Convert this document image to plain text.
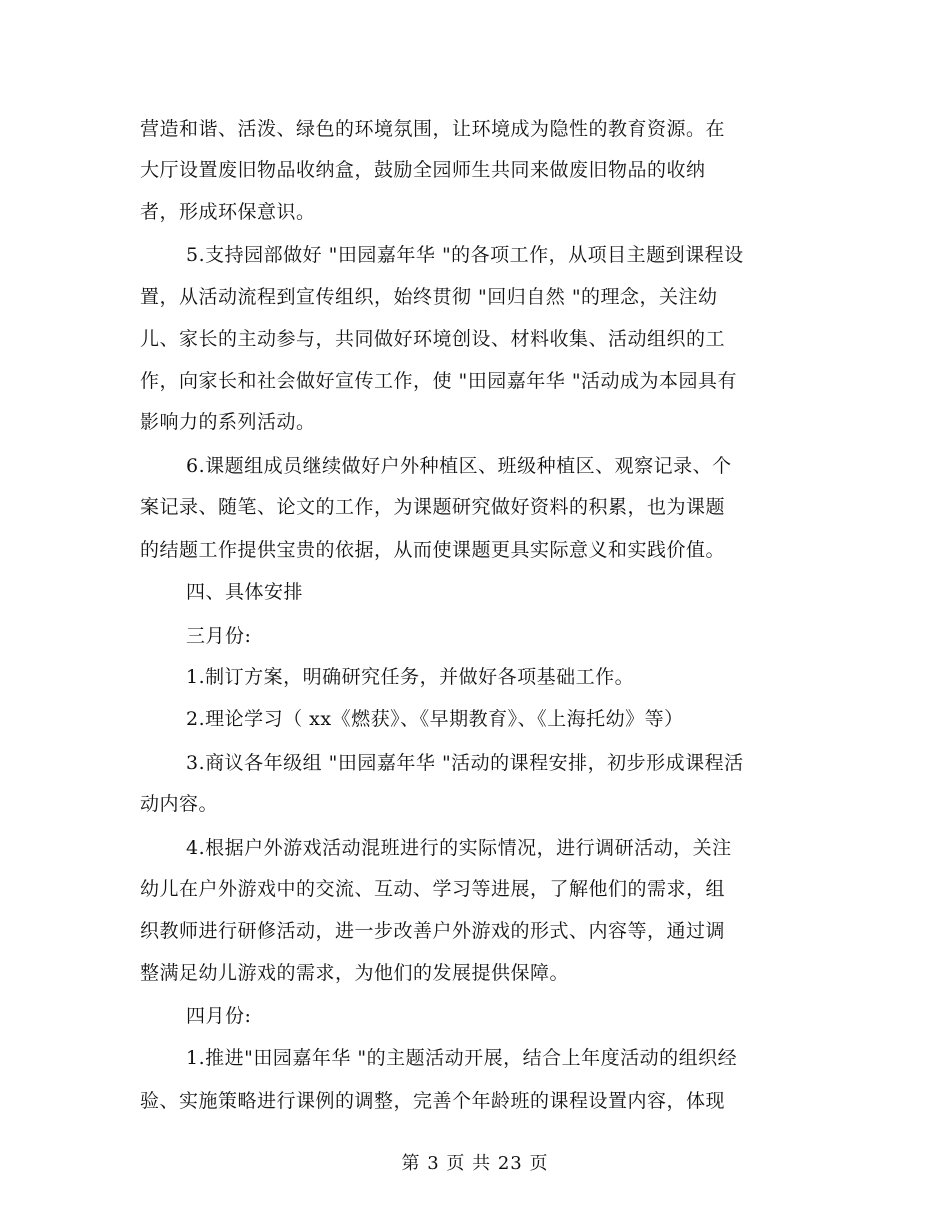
营造和谐、活泼、绿色的环境氛围，让环境成为隐性的教育资源。在
大厅设置废旧物品收纳盒，鼓励全园师生共同来做废旧物品的收纳
者，形成环保意识。
5.支持园部做好 "田园嘉年华 "的各项工作，从项目主题到课程设
置，从活动流程到宣传组织，始终贯彻 "回归自然 "的理念，关注幼
儿、家长的主动参与，共同做好环境创设、材料收集、活动组织的工
作，向家长和社会做好宣传工作，使 "田园嘉年华 "活动成为本园具有
影响力的系列活动。
6.课题组成员继续做好户外种植区、班级种植区、观察记录、个
案记录、随笔、论文的工作，为课题研究做好资料的积累，也为课题
的结题工作提供宝贵的依据，从而使课题更具实际意义和实践价值。
四、具体安排
三月份:
1.制订方案，明确研究任务，并做好各项基础工作。
2.理论学习（ xx《燃获》、《早期教育》、《上海托幼》等）
3.商议各年级组 "田园嘉年华 "活动的课程安排，初步形成课程活
动内容。
4.根据户外游戏活动混班进行的实际情况，进行调研活动，关注
幼儿在户外游戏中的交流、互动、学习等进展，了解他们的需求，组
织教师进行研修活动，进一步改善户外游戏的形式、内容等，通过调
整满足幼儿游戏的需求，为他们的发展提供保障。
四月份:
1.推进"田园嘉年华 "的主题活动开展，结合上年度活动的组织经
验、实施策略进行课例的调整，完善个年龄班的课程设置内容，体现
第 3 页 共 23 页
